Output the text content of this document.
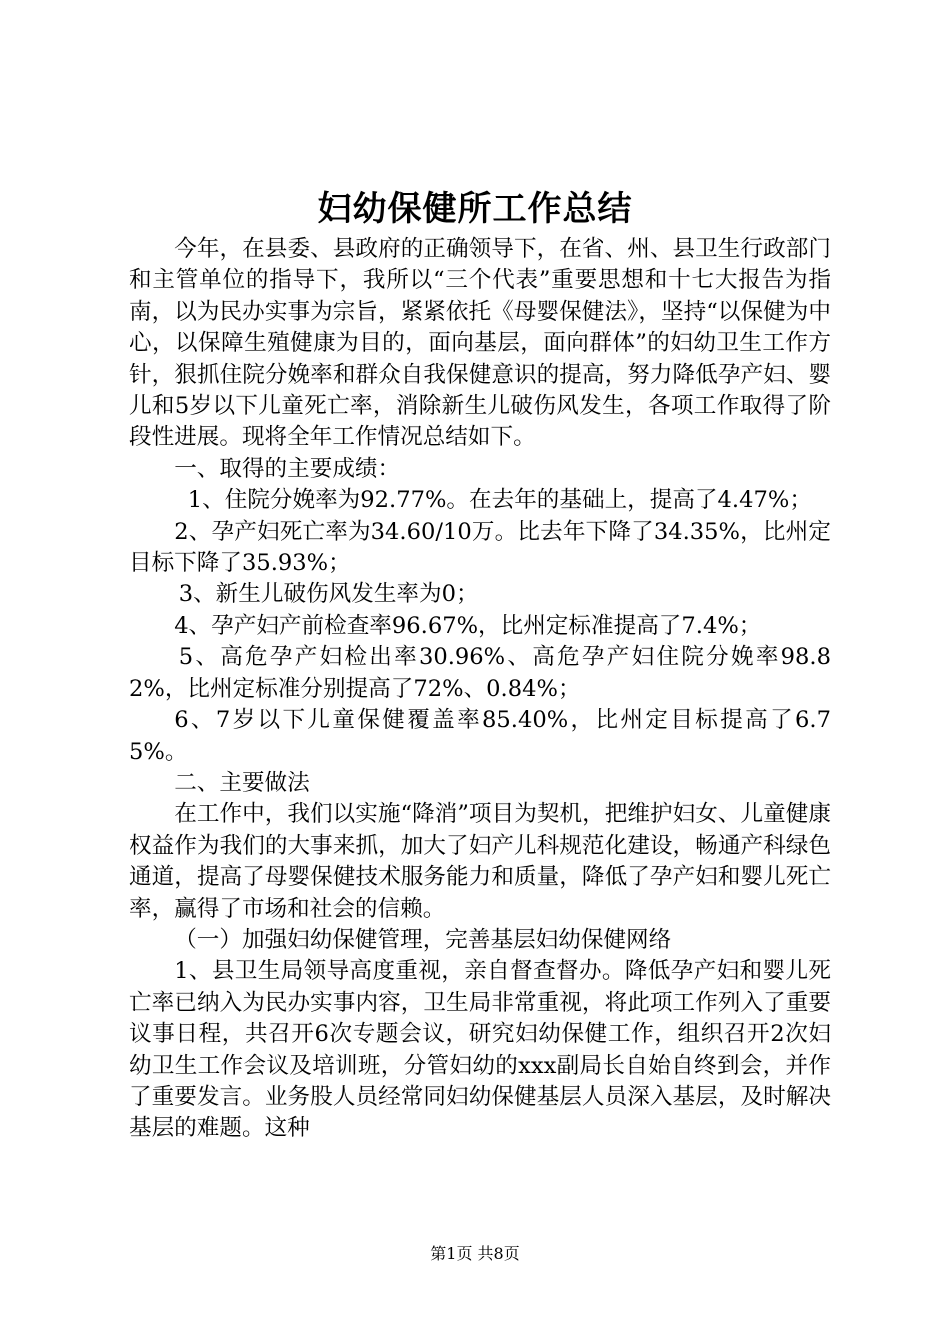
妇幼保健所工作总结

今年，在县委、县政府的正确领导下，在省、州、县卫生行政部门和主管单位的指导下，我所以“三个代表”重要思想和十七大报告为指南，以为民办实事为宗旨，紧紧依托《母婴保健法》，坚持“以保健为中心，以保障生殖健康为目的，面向基层，面向群体”的妇幼卫生工作方针，狠抓住院分娩率和群众自我保健意识的提高，努力降低孕产妇、婴儿和5岁以下儿童死亡率，消除新生儿破伤风发生，各项工作取得了阶段性进展。现将全年工作情况总结如下。

一、取得的主要成绩：

1、住院分娩率为92.77%。在去年的基础上，提高了4.47%；

2、孕产妇死亡率为34.60/10万。比去年下降了34.35%，比州定目标下降了35.93%；

3、新生儿破伤风发生率为0；

4、孕产妇产前检查率96.67%，比州定标准提高了7.4%；

5、高危孕产妇检出率30.96%、高危孕产妇住院分娩率98.82%，比州定标准分别提高了72%、0.84%；

6、7岁以下儿童保健覆盖率85.40%，比州定目标提高了6.75%。

二、主要做法

在工作中，我们以实施“降消”项目为契机，把维护妇女、儿童健康权益作为我们的大事来抓，加大了妇产儿科规范化建设，畅通产科绿色通道，提高了母婴保健技术服务能力和质量，降低了孕产妇和婴儿死亡率，赢得了市场和社会的信赖。

（一）加强妇幼保健管理，完善基层妇幼保健网络

1、县卫生局领导高度重视，亲自督查督办。降低孕产妇和婴儿死亡率已纳入为民办实事内容，卫生局非常重视，将此项工作列入了重要议事日程，共召开6次专题会议，研究妇幼保健工作，组织召开2次妇幼卫生工作会议及培训班，分管妇幼的xxx副局长自始自终到会，并作了重要发言。业务股人员经常同妇幼保健基层人员深入基层，及时解决基层的难题。这种

第1页 共8页
